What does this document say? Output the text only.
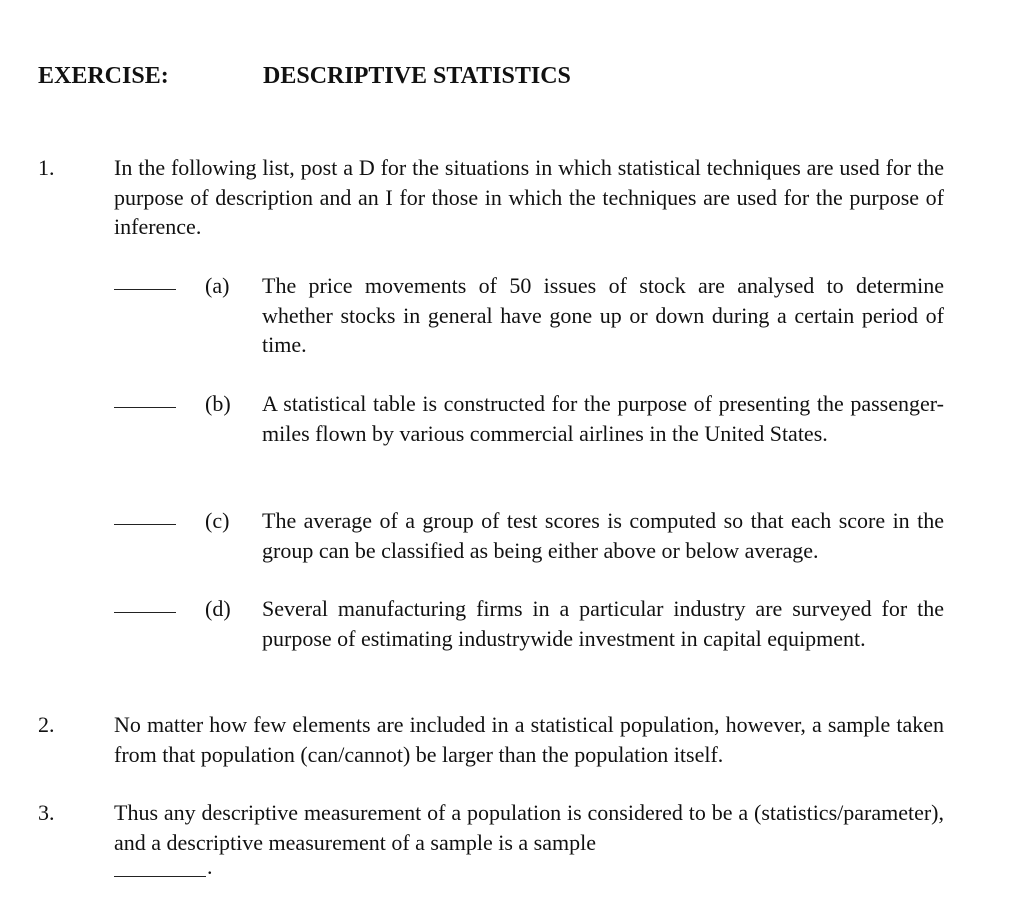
EXERCISE:	DESCRIPTIVE STATISTICS
1.	In the following list, post a D for the situations in which statistical techniques are used for the purpose of description and an I for those in which the techniques are used for the purpose of inference.
(a) The price movements of 50 issues of stock are analysed to determine whether stocks in general have gone up or down during a certain period of time.
(b) A statistical table is constructed for the purpose of presenting the passenger-miles flown by various commercial airlines in the United States.
(c) The average of a group of test scores is computed so that each score in the group can be classified as being either above or below average.
(d) Several manufacturing firms in a particular industry are surveyed for the purpose of estimating industrywide investment in capital equipment.
2.	No matter how few elements are included in a statistical population, however, a sample taken from that population (can/cannot) be larger than the population itself.
3.	Thus any descriptive measurement of a population is considered to be a (statistics/parameter), and a descriptive measurement of a sample is a sample
.
